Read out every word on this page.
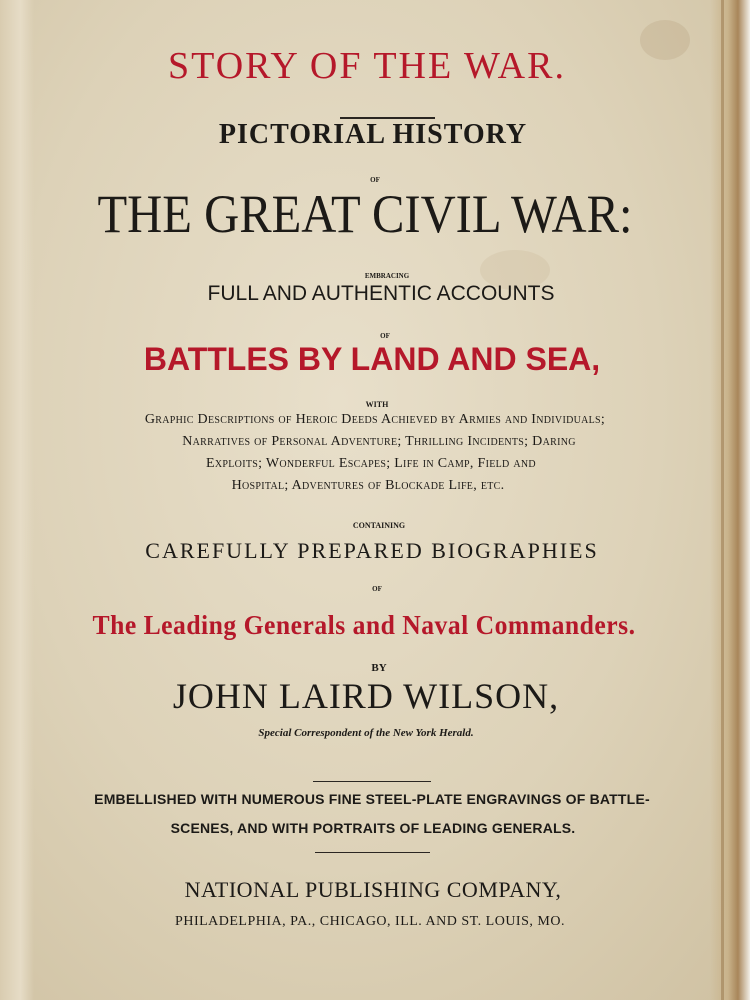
STORY OF THE WAR.

PICTORIAL HISTORY

OF

THE GREAT CIVIL WAR:

EMBRACING

FULL AND AUTHENTIC ACCOUNTS

OF

BATTLES BY LAND AND SEA,

WITH

Graphic Descriptions of Heroic Deeds Achieved by Armies and Individuals;

Narratives of Personal Adventure; Thrilling Incidents; Daring

Exploits; Wonderful Escapes; Life in Camp, Field and

Hospital; Adventures of Blockade Life, etc.

CONTAINING

CAREFULLY PREPARED BIOGRAPHIES

OF

The Leading Generals and Naval Commanders.

BY

JOHN LAIRD WILSON,

Special Correspondent of the New York Herald.

EMBELLISHED WITH NUMEROUS FINE STEEL-PLATE ENGRAVINGS OF BATTLE-

SCENES, AND WITH PORTRAITS OF LEADING GENERALS.

NATIONAL PUBLISHING COMPANY,

PHILADELPHIA, PA., CHICAGO, ILL. AND ST. LOUIS, MO.
